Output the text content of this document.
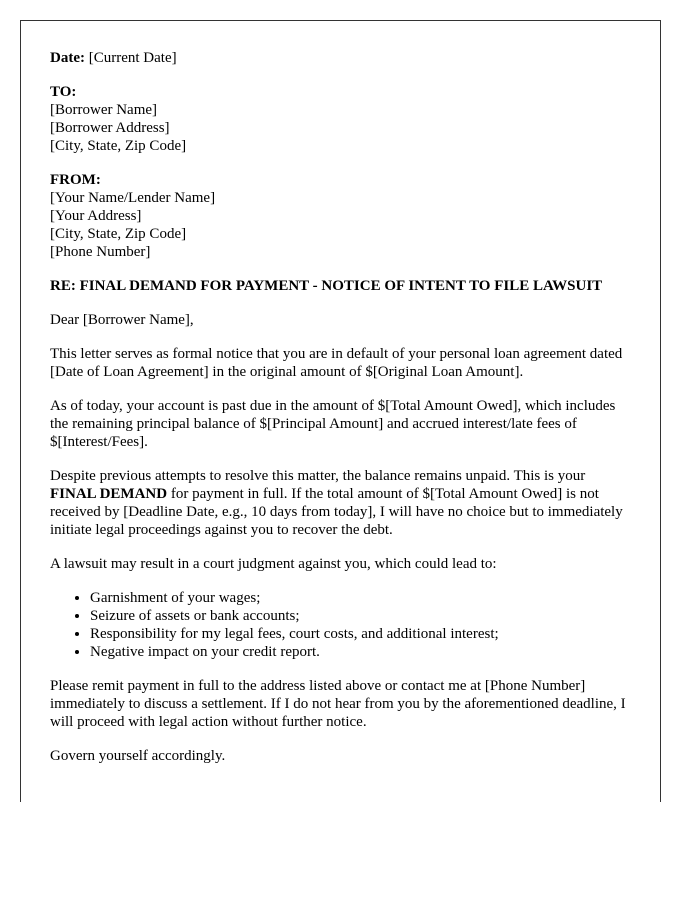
Date: [Current Date]
TO:
[Borrower Name]
[Borrower Address]
[City, State, Zip Code]
FROM:
[Your Name/Lender Name]
[Your Address]
[City, State, Zip Code]
[Phone Number]

RE: FINAL DEMAND FOR PAYMENT - NOTICE OF INTENT TO FILE LAWSUIT

Dear [Borrower Name],

This letter serves as formal notice that you are in default of your personal loan agreement dated [Date of Loan Agreement] in the original amount of $[Original Loan Amount].

As of today, your account is past due in the amount of $[Total Amount Owed], which includes the remaining principal balance of $[Principal Amount] and accrued interest/late fees of $[Interest/Fees].

Despite previous attempts to resolve this matter, the balance remains unpaid. This is your FINAL DEMAND for payment in full. If the total amount of $[Total Amount Owed] is not received by [Deadline Date, e.g., 10 days from today], I will have no choice but to immediately initiate legal proceedings against you to recover the debt.

A lawsuit may result in a court judgment against you, which could lead to:

• Garnishment of your wages;
• Seizure of assets or bank accounts;
• Responsibility for my legal fees, court costs, and additional interest;
• Negative impact on your credit report.

Please remit payment in full to the address listed above or contact me at [Phone Number] immediately to discuss a settlement. If I do not hear from you by the aforementioned deadline, I will proceed with legal action without further notice.

Govern yourself accordingly.
